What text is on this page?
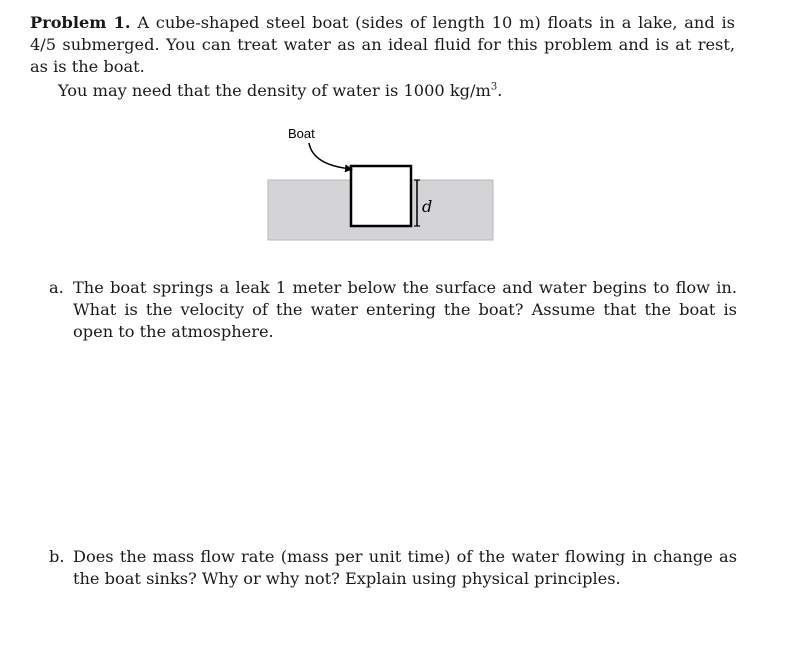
Problem 1. A cube-shaped steel boat (sides of length 10 m) floats in a lake, and is 4/5 submerged. You can treat water as an ideal fluid for this problem and is at rest, as is the boat.
You may need that the density of water is 1000 $kg/m^3$.
d
Boat
a. The boat springs a leak 1 meter below the surface and water begins to flow in. What is the velocity of the water entering the boat? Assume that the boat is open to the atmosphere.
b. Does the mass flow rate (mass per unit time) of the water flowing in change as the boat sinks? Why or why not? Explain using physical principles.
